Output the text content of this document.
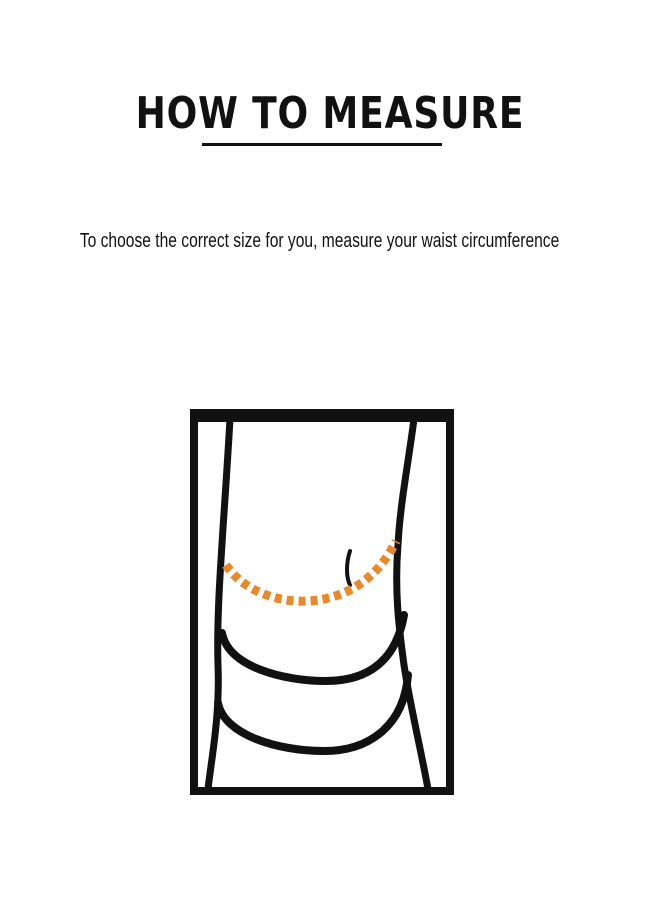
HOW TO MEASURE

To choose the correct size for you, measure your waist circumference
